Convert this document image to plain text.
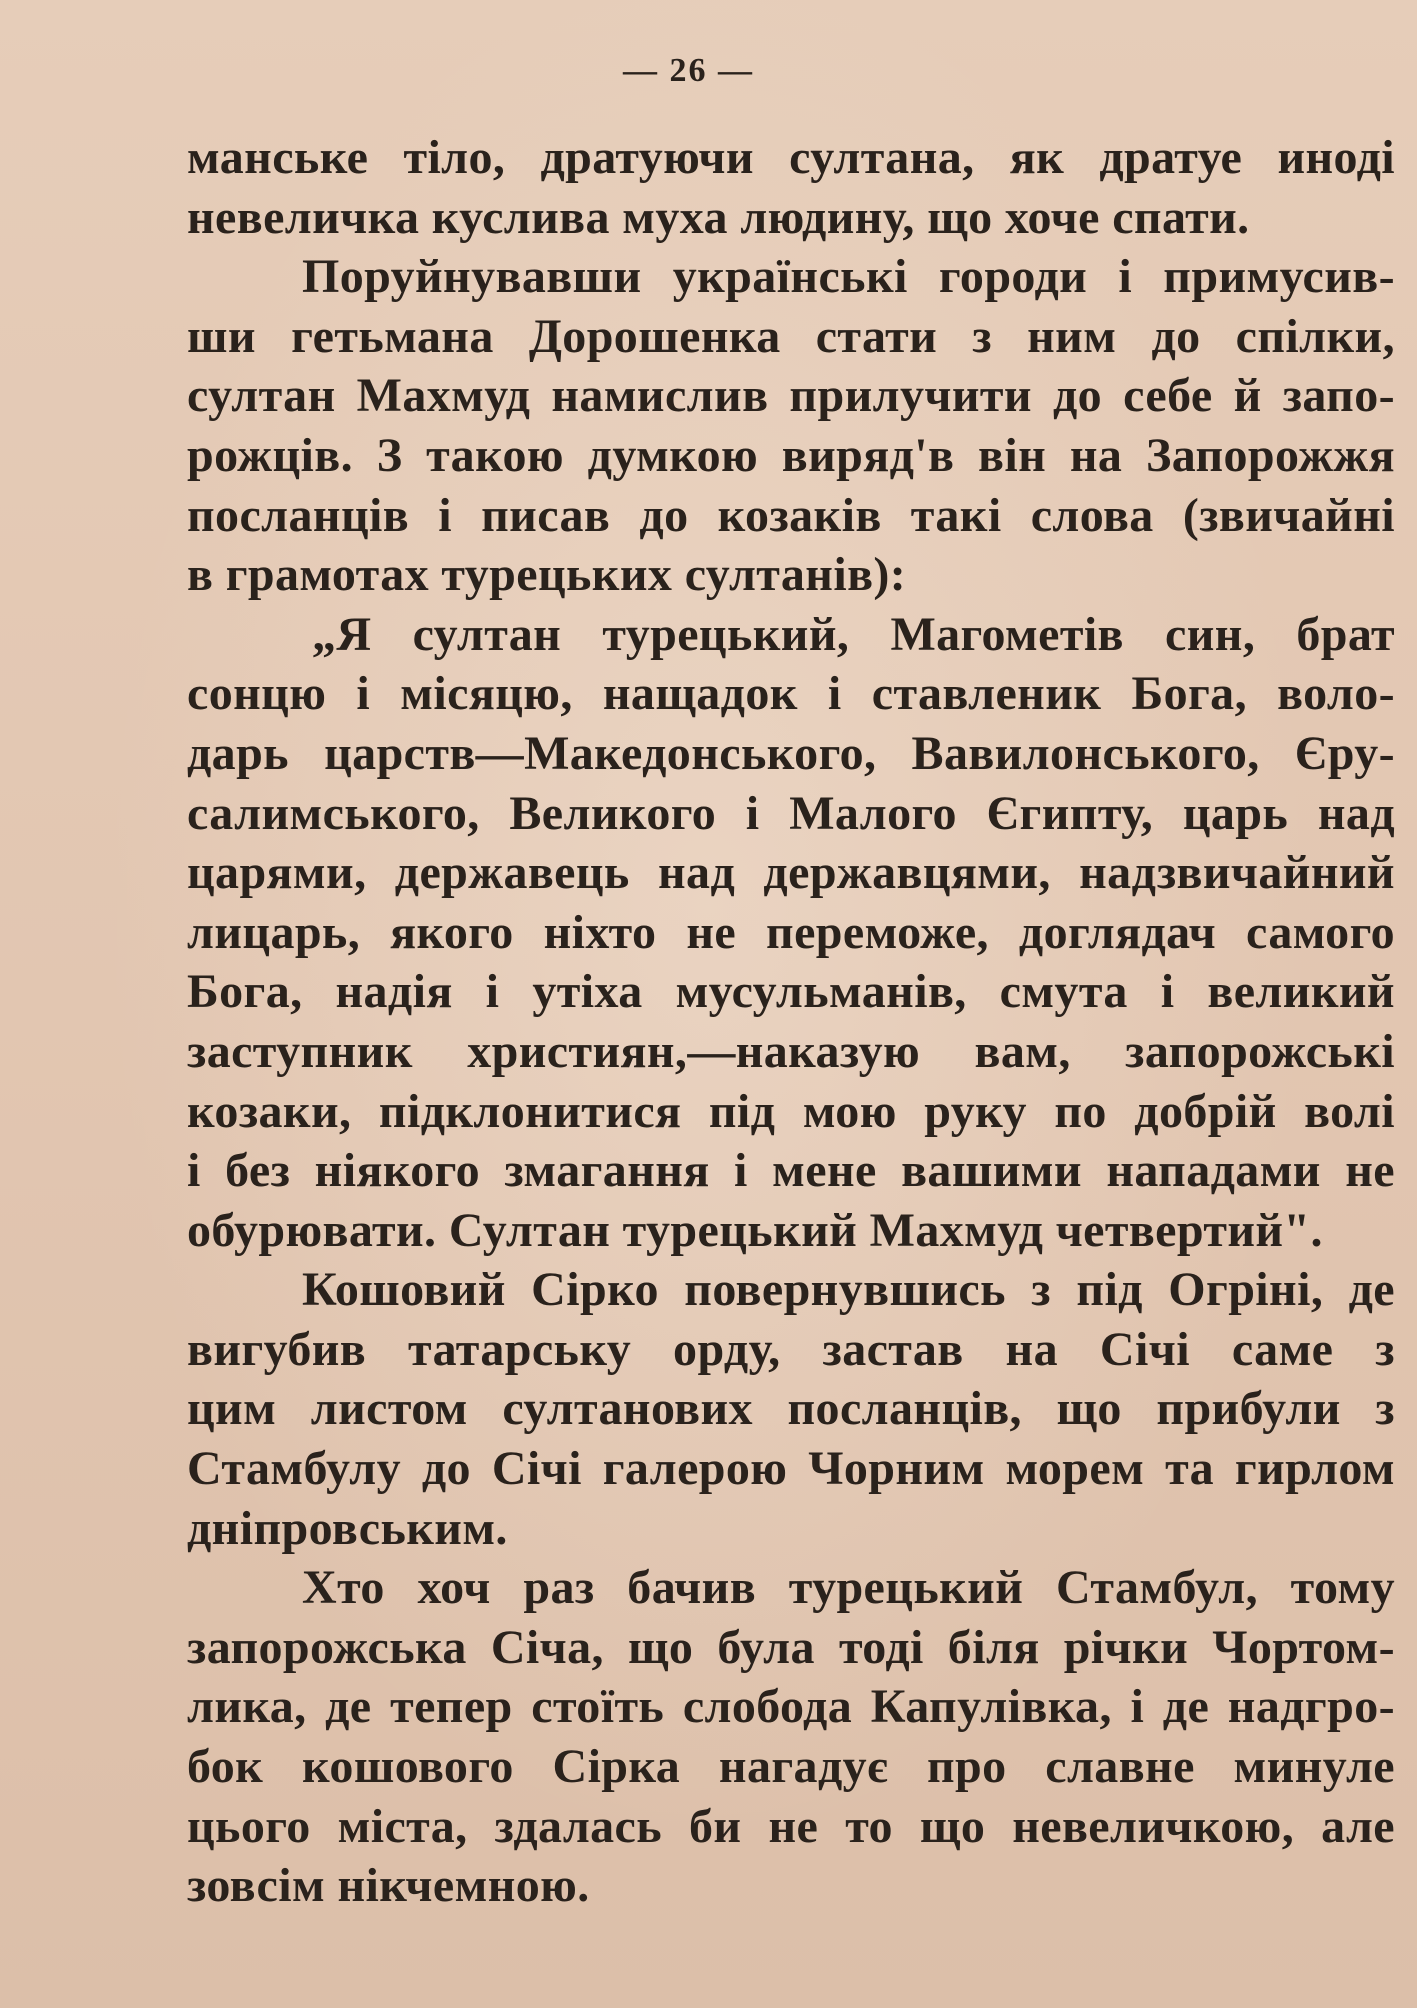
— 26 —

манське тіло, дратуючи султана, як дратуе иноді
невеличка куслива муха людину, що хоче спати.

Поруйнувавши українські городи і примусив-
ши гетьмана Дорошенка стати з ним до спілки,
султан Махмуд намислив прилучити до себе й запо-
рожців. З такою думкою виряд'в він на Запорожжя
посланців і писав до козаків такі слова (звичайні
в грамотах турецьких султанів):

„Я султан турецький, Магометів син, брат
сонцю і місяцю, нащадок і ставленик Бога, воло-
дарь царств—Македонського, Вавилонського, Єру-
салимського, Великого і Малого Єгипту, царь над
царями, державець над державцями, надзвичайний
лицарь, якого ніхто не переможе, доглядач самого
Бога, надія і утіха мусульманів, смута і великий
заступник християн,—наказую вам, запорожські
козаки, підклонитися під мою руку по добрій волі
і без ніякого змагання і мене вашими нападами не
обурювати. Султан турецький Махмуд четвертий".

Кошовий Сірко повернувшись з під Огріні, де
вигубив татарську орду, застав на Січі саме з
цим листом султанових посланців, що прибули з
Стамбулу до Січі галерою Чорним морем та гирлом
дніпровським.

Хто хоч раз бачив турецький Стамбул, тому
запорожська Січа, що була тоді біля річки Чортом-
лика, де тепер стоїть слобода Капулівка, і де надгро-
бок кошового Сірка нагадує про славне минуле
цього міста, здалась би не то що невеличкою, але
зовсім нікчемною.
